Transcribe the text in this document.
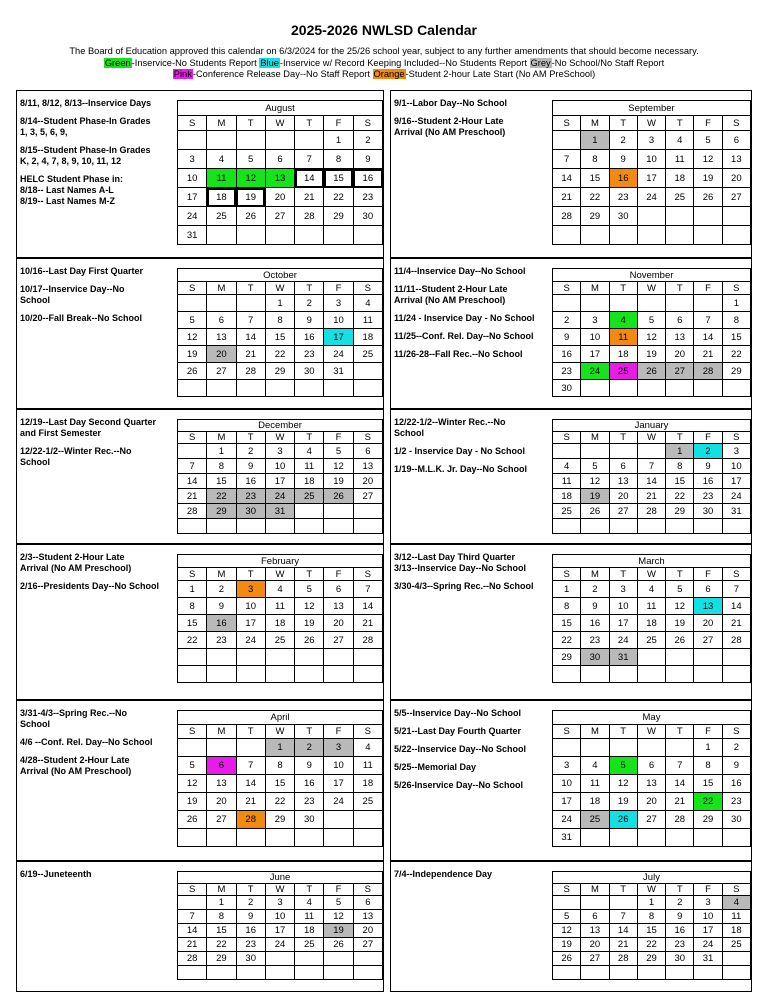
2025-2026 NWLSD Calendar
The Board of Education approved this calendar on 6/3/2024 for the 25/26 school year, subject to any further amendments that should become necessary.
Green-Inservice-No Students Report Blue-Inservice w/ Record Keeping Included--No Students Report Grey-No School/No Staff Report
Pink-Conference Release Day--No Staff Report Orange-Student 2-hour Late Start (No AM PreSchool)
8/11, 8/12, 8/13--Inservice Days
8/14--Student Phase-In Grades
1, 3, 5, 6, 9,
8/15--Student Phase-In Grades
K, 2, 4, 7, 8, 9, 10, 11, 12
HELC Student Phase in:
8/18-- Last Names A-L
8/19-- Last Names M-Z
August						
S	M	T	W	T	F	S
					1	2
3	4	5	6	7	8	9
10	11	12	13	14	15	16
17	18	19	20	21	22	23
24	25	26	27	28	29	30
31						
9/1--Labor Day--No School
9/16--Student 2-Hour Late
Arrival (No AM Preschool)
September						
S	M	T	W	T	F	S
	1	2	3	4	5	6
7	8	9	10	11	12	13
14	15	16	17	18	19	20
21	22	23	24	25	26	27
28	29	30				

10/16--Last Day First Quarter
10/17--Inservice Day--No
School
10/20--Fall Break--No School
October						
S	M	T	W	T	F	S
			1	2	3	4
5	6	7	8	9	10	11
12	13	14	15	16	17	18
19	20	21	22	23	24	25
26	27	28	29	30	31	

11/4--Inservice Day--No School
11/11--Student 2-Hour Late
Arrival (No AM Preschool)
11/24 - Inservice Day - No School
11/25--Conf. Rel. Day--No School
11/26-28--Fall Rec.--No School
November						
S	M	T	W	T	F	S
						1
2	3	4	5	6	7	8
9	10	11	12	13	14	15
16	17	18	19	20	21	22
23	24	25	26	27	28	29
30						
12/19--Last Day Second Quarter
and First Semester
12/22-1/2--Winter Rec.--No
School
December						
S	M	T	W	T	F	S
	1	2	3	4	5	6
7	8	9	10	11	12	13
14	15	16	17	18	19	20
21	22	23	24	25	26	27
28	29	30	31			

12/22-1/2--Winter Rec.--No
School
1/2 - Inservice Day - No School
1/19--M.L.K. Jr. Day--No School
January						
S	M	T	W	T	F	S
				1	2	3
4	5	6	7	8	9	10
11	12	13	14	15	16	17
18	19	20	21	22	23	24
25	26	27	28	29	30	31

2/3--Student 2-Hour Late
Arrival (No AM Preschool)
2/16--Presidents Day--No School
February						
S	M	T	W	T	F	S
1	2	3	4	5	6	7
8	9	10	11	12	13	14
15	16	17	18	19	20	21
22	23	24	25	26	27	28

3/12--Last Day Third Quarter
3/13--Inservice Day--No School
3/30-4/3--Spring Rec.--No School
March						
S	M	T	W	T	F	S
1	2	3	4	5	6	7
8	9	10	11	12	13	14
15	16	17	18	19	20	21
22	23	24	25	26	27	28
29	30	31				

3/31-4/3--Spring Rec.--No
School
4/6 --Conf. Rel. Day--No School
4/28--Student 2-Hour Late
Arrival (No AM Preschool)
April						
S	M	T	W	T	F	S
			1	2	3	4
5	6	7	8	9	10	11
12	13	14	15	16	17	18
19	20	21	22	23	24	25
26	27	28	29	30		

5/5--Inservice Day--No School
5/21--Last Day Fourth Quarter
5/22--Inservice Day--No School
5/25--Memorial Day
5/26-Inservice Day--No School
May						
S	M	T	W	T	F	S
					1	2
3	4	5	6	7	8	9
10	11	12	13	14	15	16
17	18	19	20	21	22	23
24	25	26	27	28	29	30
31						
6/19--Juneteenth	June						
S	M	T	W	T	F	S
	1	2	3	4	5	6
7	8	9	10	11	12	13
14	15	16	17	18	19	20
21	22	23	24	25	26	27
28	29	30				

7/4--Independence Day	July						
S	M	T	W	T	F	S
			1	2	3	4
5	6	7	8	9	10	11
12	13	14	15	16	17	18
19	20	21	22	23	24	25
26	27	28	29	30	31	
